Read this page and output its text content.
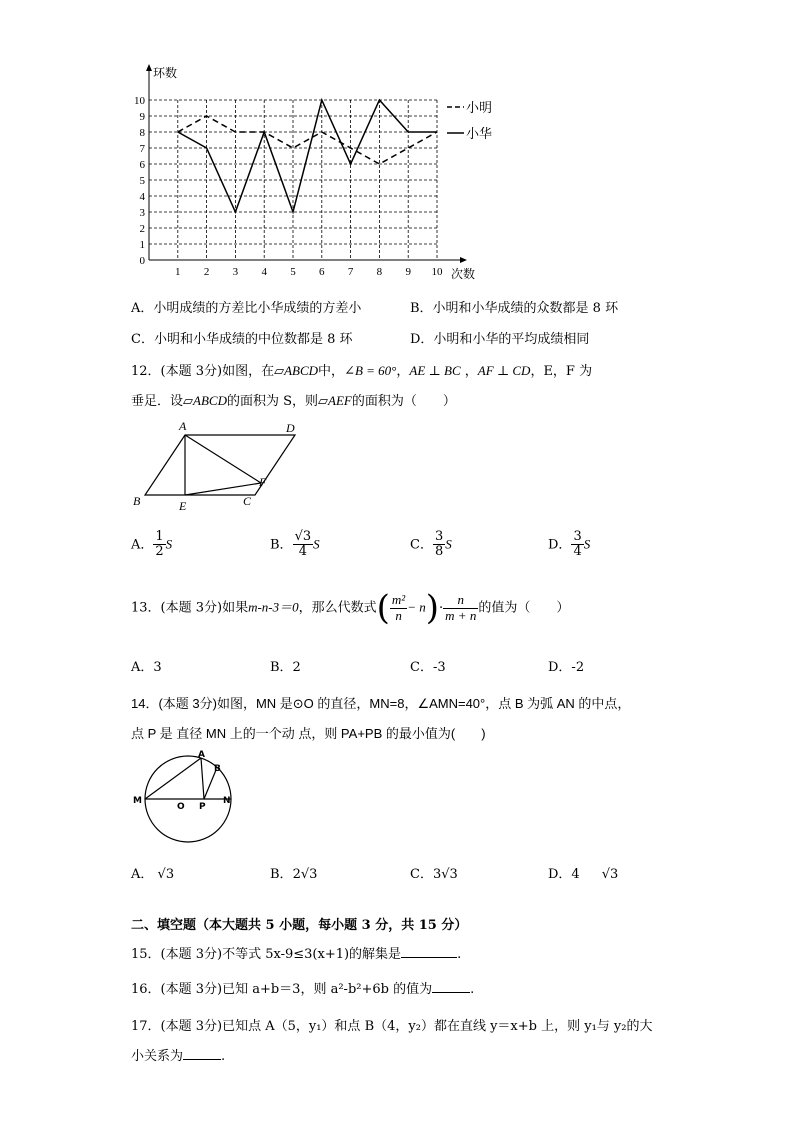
环数
次数
0
1
2
3
4
5
6
7
8
9
10
1 2 3 4 5 6 7 8 9 10
小明
小华
A．小明成绩的方差比小华成绩的方差小	B．小明和小华成绩的众数都是 8 环
C．小明和小华成绩的中位数都是 8 环	D．小明和小华的平均成绩相同
12．(本题 3分)如图，在▱ABCD中，∠B = 60°，AE ⊥ BC ，AF ⊥ CD，E，F 为
垂足．设▱ABCD的面积为 S，则▱AEF的面积为（　　）
A	D
B	E	C
F
A． $\frac{1}{2}$ S	B． $\frac{√3}{4}$ S	C． $\frac{3}{8}$ S	D． $\frac{3}{4}$ S
13．(本题 3分)如果m-n-3＝0，那么代数式( $\frac{\text{m²}}{n} - n)\cdot \frac{n}{m + n}$ 的值为（　　）
A．3	B．2	C．-3	D．-2
14．(本题 3分)如图，MN 是⊙O 的直径，MN=8，∠AMN=40°，点 B 为弧 AN 的中点，
点 P 是 直径 MN 上的一个动 点，则 PA+PB 的最小值为(　　)
A
B
M
O P
N
A． √3	B．2√3	C．3√3	D．4 √3
二、填空题（本大题共 5 小题，每小题 3 分，共 15 分）
15．(本题 3分)不等式 5x-9≤3(x+1)的解集是	.
16．(本题 3分)已知 a+b＝3，则 a²-b²+6b 的值为	.
17．(本题 3分)已知点 A（5，y₁）和点 B（4，y₂）都在直线 y＝x+b 上，则 y₁与 y₂的大
小关系为	.
